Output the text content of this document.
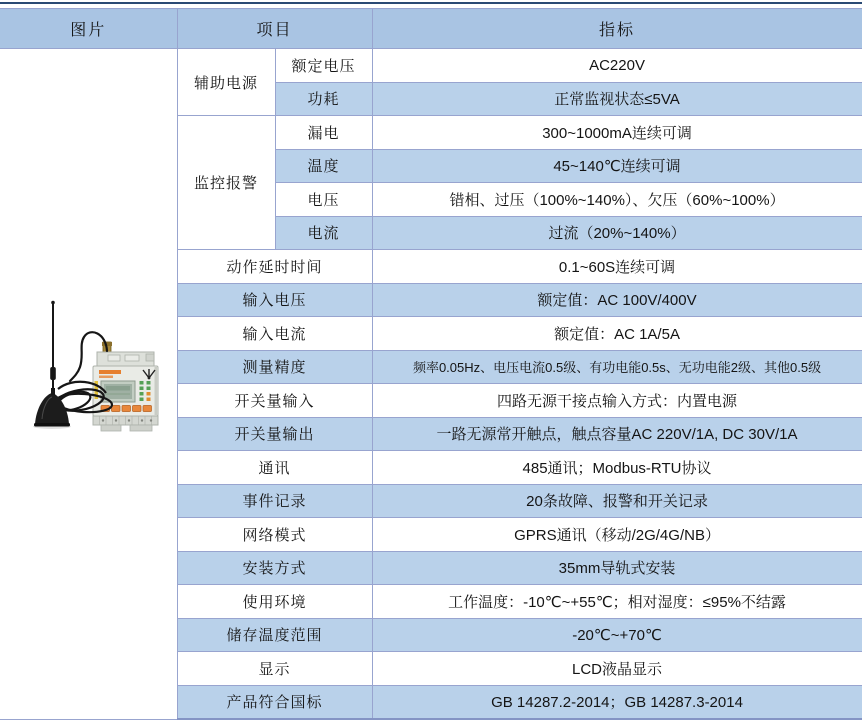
图片	项目		指标

	辅助电源	额定电压	AC220V
		功耗	正常监视状态≤5VA
	监控报警	漏电	300~1000mA连续可调
		温度	45~140℃连续可调
		电压	错相、过压（100%~140%）、欠压（60%~100%）
		电流	过流（20%~140%）
	动作延时时间		0.1~60S连续可调
	输入电压		额定值：AC 100V/400V
	输入电流		额定值：AC 1A/5A
	测量精度		频率0.05Hz、电压电流0.5级、有功电能0.5s、无功电能2级、其他0.5级
	开关量输入		四路无源干接点输入方式：内置电源
	开关量输出		一路无源常开触点，触点容量AC 220V/1A, DC 30V/1A
	通讯		485通讯；Modbus-RTU协议
	事件记录		20条故障、报警和开关记录
	网络模式		GPRS通讯（移动/2G/4G/NB）
	安装方式		35mm导轨式安装
	使用环境		工作温度：-10℃~+55℃；相对湿度：≤95%不结露
	储存温度范围		-20℃~+70℃
	显示		LCD液晶显示
	产品符合国标		GB 14287.2-2014；GB 14287.3-2014
